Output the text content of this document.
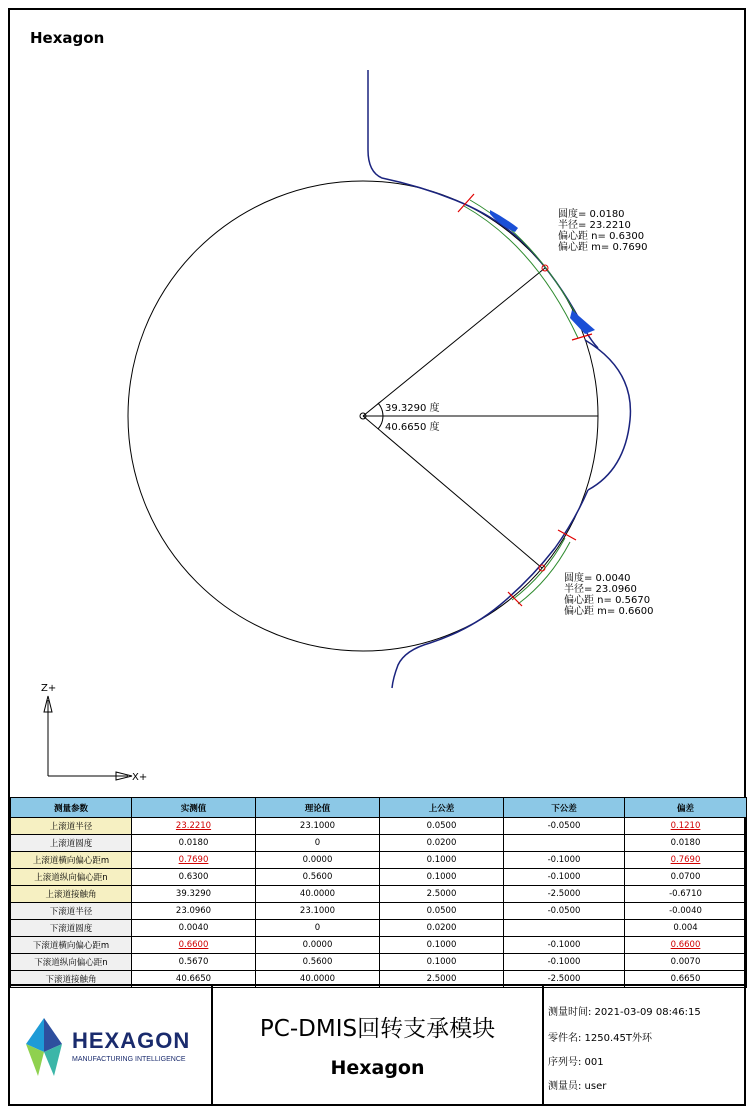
Hexagon
39.3290 度
40.6650 度
圆度= 0.0180
半径= 23.2210
偏心距 n= 0.6300
偏心距 m= 0.7690
圆度= 0.0040
半径= 23.0960
偏心距 n= 0.5670
偏心距 m= 0.6600
Z+
X+
测量参数	实测值	理论值	上公差	下公差	偏差
上滚道半径	23.2210	23.1000	0.0500	-0.0500	0.1210
上滚道圆度	0.0180	0	0.0200		0.0180
上滚道横向偏心距m	0.7690	0.0000	0.1000	-0.1000	0.7690
上滚道纵向偏心距n	0.6300	0.5600	0.1000	-0.1000	0.0700
上滚道接触角	39.3290	40.0000	2.5000	-2.5000	-0.6710
下滚道半径	23.0960	23.1000	0.0500	-0.0500	-0.0040
下滚道圆度	0.0040	0	0.0200		0.004
下滚道横向偏心距m	0.6600	0.0000	0.1000	-0.1000	0.6600
下滚道纵向偏心距n	0.5670	0.5600	0.1000	-0.1000	0.0070
下滚道接触角	40.6650	40.0000	2.5000	-2.5000	0.6650
HEXAGON
MANUFACTURING INTELLIGENCE
PC-DMIS回转支承模块
Hexagon
测量时间: 2021-03-09 08:46:15
零件名: 1250.45T外环
序列号: 001
测量员: user
